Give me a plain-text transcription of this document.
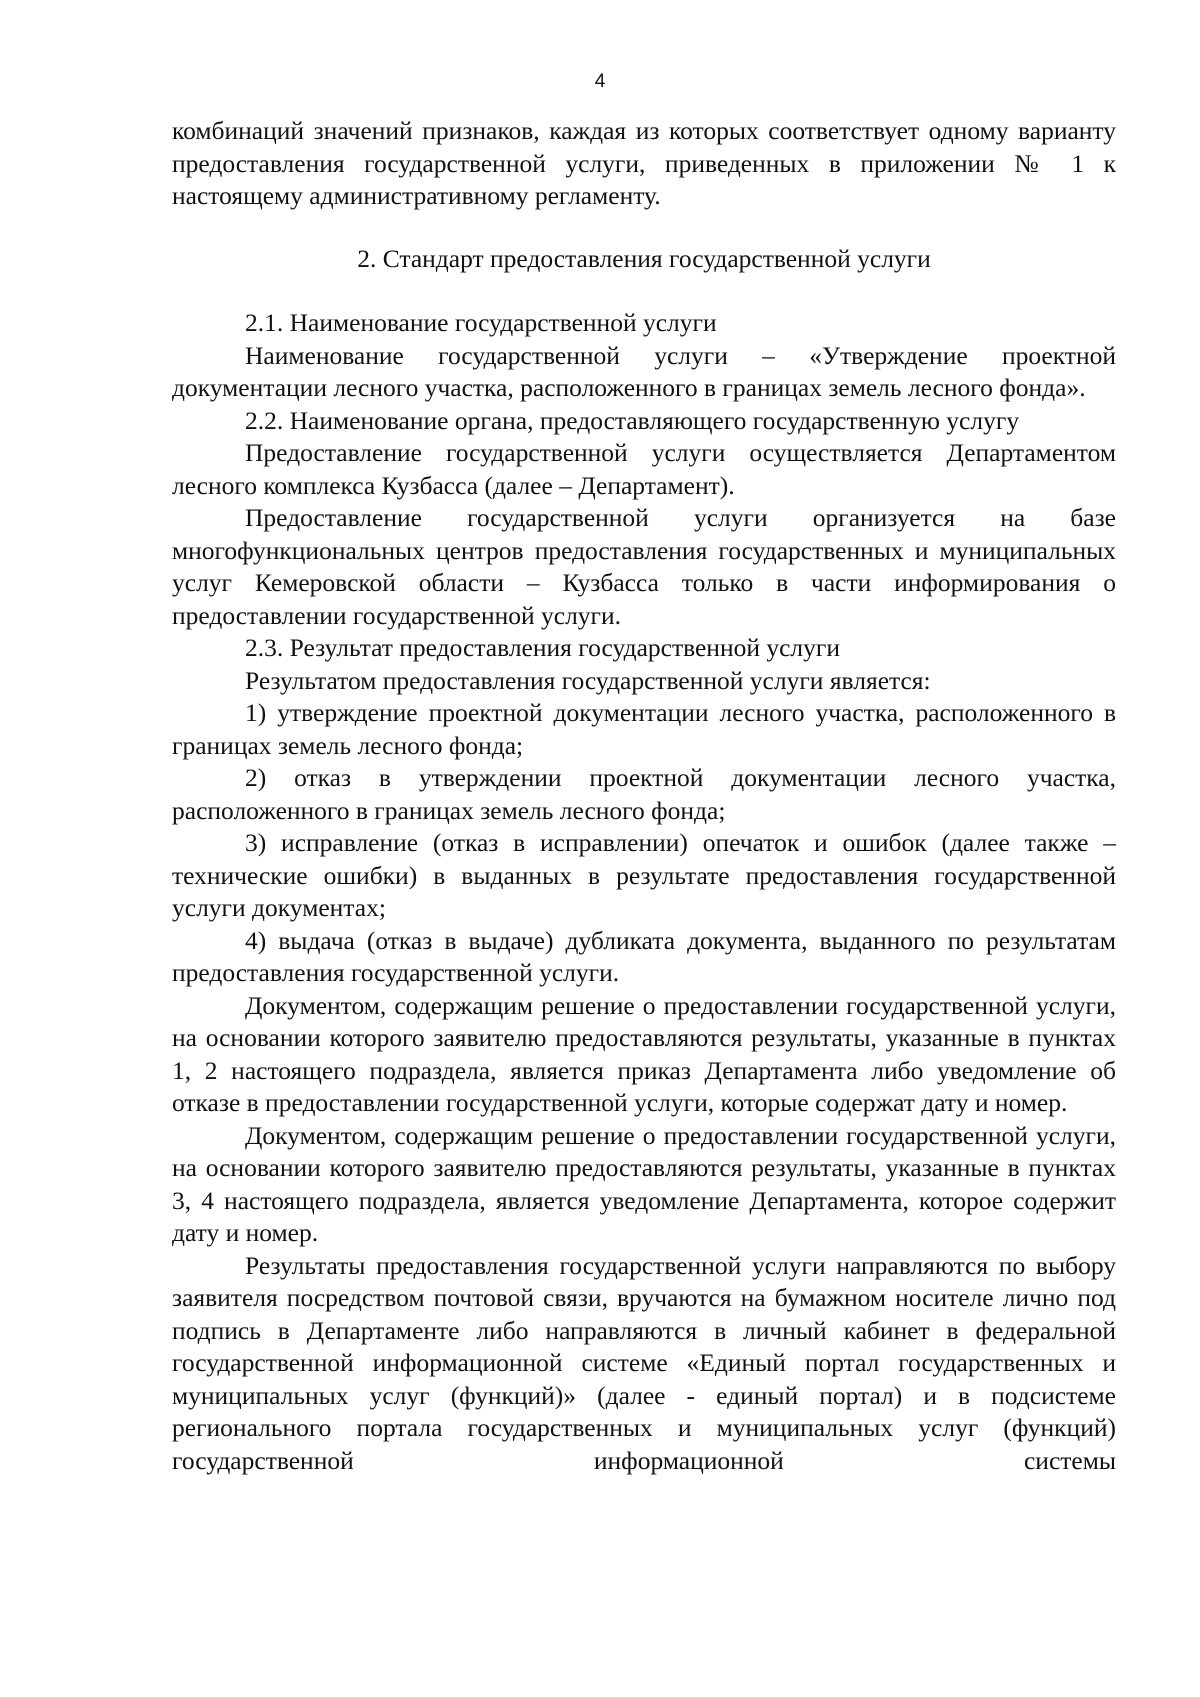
4

комбинаций значений признаков, каждая из которых соответствует одному варианту предоставления государственной услуги, приведенных в приложении № 1 к настоящему административному регламенту.

2. Стандарт предоставления государственной услуги

2.1. Наименование государственной услуги

Наименование государственной услуги – «Утверждение проектной документации лесного участка, расположенного в границах земель лесного фонда».

2.2. Наименование органа, предоставляющего государственную услугу

Предоставление государственной услуги осуществляется Департаментом лесного комплекса Кузбасса (далее – Департамент).

Предоставление государственной услуги организуется на базе многофункциональных центров предоставления государственных и муниципальных услуг Кемеровской области – Кузбасса только в части информирования о предоставлении государственной услуги.

2.3. Результат предоставления государственной услуги

Результатом предоставления государственной услуги является:

1) утверждение проектной документации лесного участка, расположенного в границах земель лесного фонда;

2) отказ в утверждении проектной документации лесного участка, расположенного в границах земель лесного фонда;

3) исправление (отказ в исправлении) опечаток и ошибок (далее также – технические ошибки) в выданных в результате предоставления государственной услуги документах;

4) выдача (отказ в выдаче) дубликата документа, выданного по результатам предоставления государственной услуги.

Документом, содержащим решение о предоставлении государственной услуги, на основании которого заявителю предоставляются результаты, указанные в пунктах 1, 2 настоящего подраздела, является приказ Департамента либо уведомление об отказе в предоставлении государственной услуги, которые содержат дату и номер.

Документом, содержащим решение о предоставлении государственной услуги, на основании которого заявителю предоставляются результаты, указанные в пунктах 3, 4 настоящего подраздела, является уведомление Департамента, которое содержит дату и номер.

Результаты предоставления государственной услуги направляются по выбору заявителя посредством почтовой связи, вручаются на бумажном носителе лично под подпись в Департаменте либо направляются в личный кабинет в федеральной государственной информационной системе «Единый портал государственных и муниципальных услуг (функций)» (далее - единый портал) и в подсистеме регионального портала государственных и муниципальных услуг (функций) государственной информационной системы
